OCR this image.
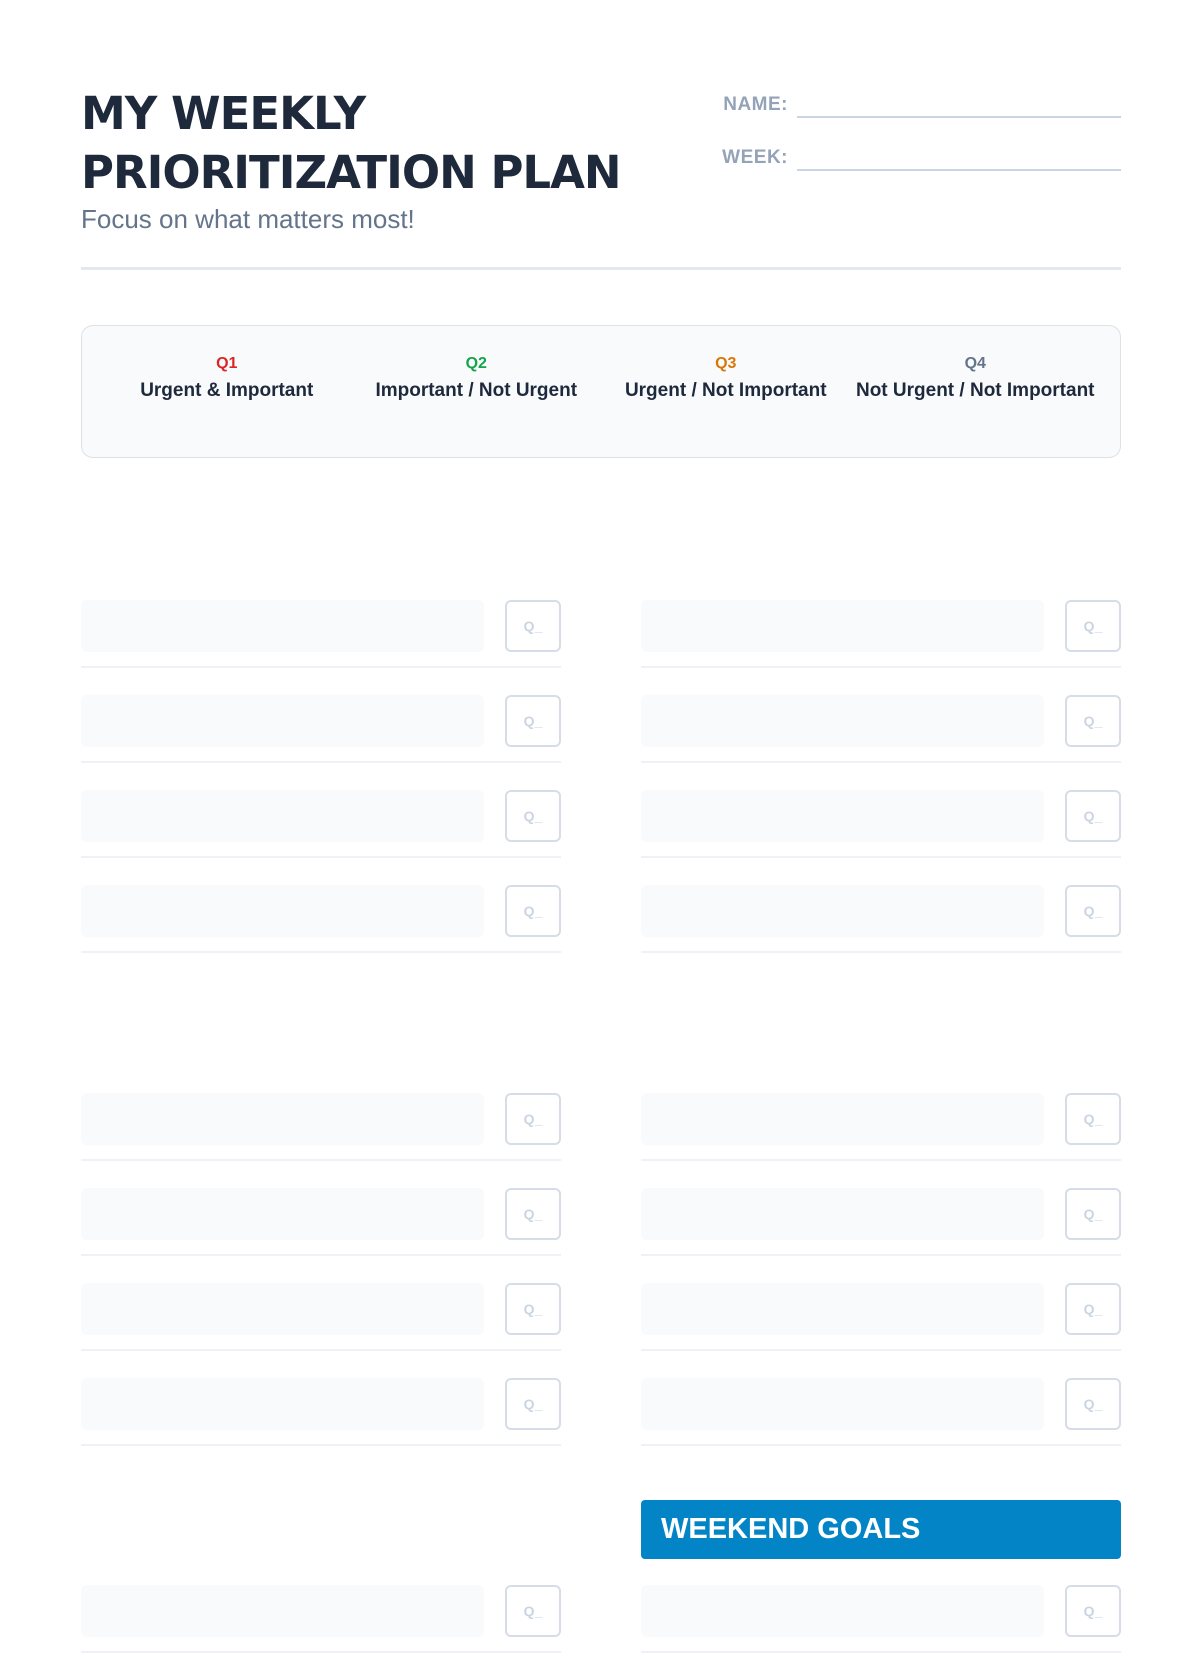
MY WEEKLY
PRIORITIZATION PLAN
Focus on what matters most!
NAME:
WEEK:
Q1
Urgent & Important
Q2
Important / Not Urgent
Q3
Urgent / Not Important
Q4
Not Urgent / Not Important
Q_
Q_
Q_
Q_
Q_
Q_
Q_
Q_
Q_
Q_
Q_
Q_
Q_
Q_
Q_
Q_
Q_	Q_
WEEKEND GOALS
